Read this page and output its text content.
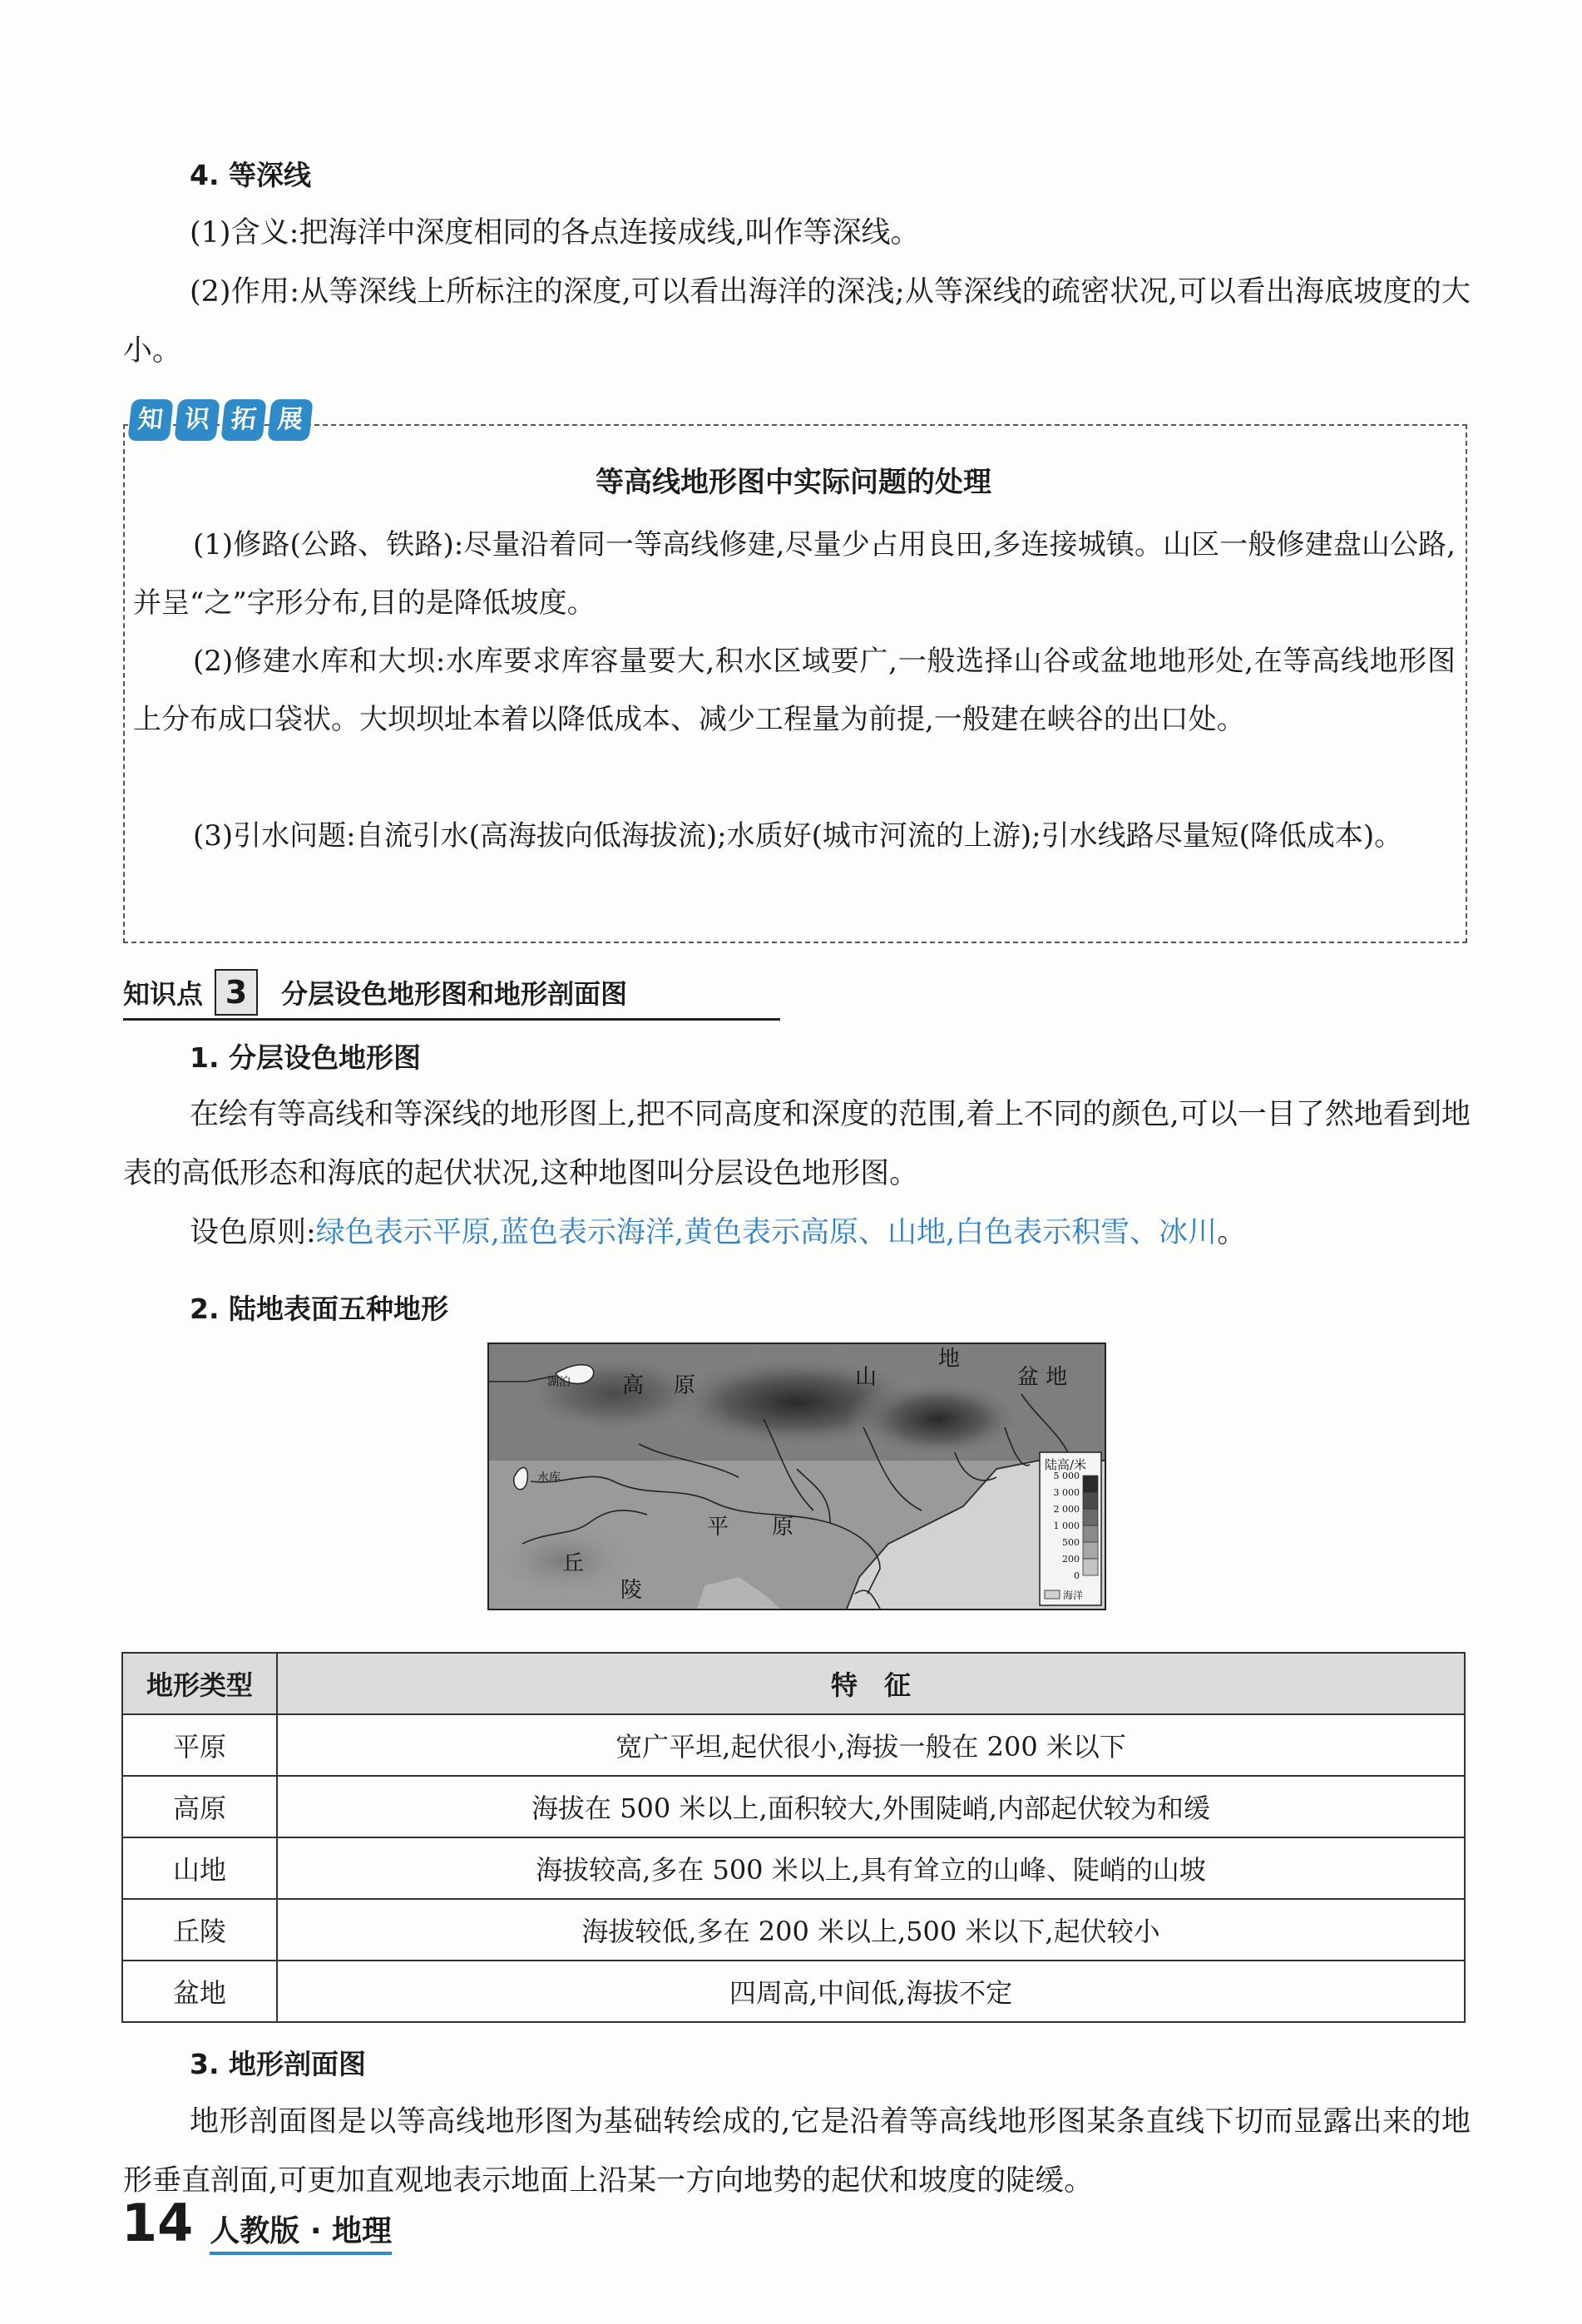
4. 等深线
(1)含义:把海洋中深度相同的各点连接成线,叫作等深线。
(2)作用:从等深线上所标注的深度,可以看出海洋的深浅;从等深线的疏密状况,可以看出海底坡度的大小。
知 识 拓 展
等高线地形图中实际问题的处理
(1)修路(公路、铁路):尽量沿着同一等高线修建,尽量少占用良田,多连接城镇。山区一般修建盘山公路,并呈“之”字形分布,目的是降低坡度。
(2)修建水库和大坝:水库要求库容量要大,积水区域要广,一般选择山谷或盆地地形处,在等高线地形图上分布成口袋状。大坝坝址本着以降低成本、减少工程量为前提,一般建在峡谷的出口处。
(3)引水问题:自流引水(高海拔向低海拔流);水质好(城市河流的上游);引水线路尽量短(降低成本)。
知识点 3	分层设色地形图和地形剖面图
1. 分层设色地形图
在绘有等高线和等深线的地形图上,把不同高度和深度的范围,着上不同的颜色,可以一目了然地看到地表的高低形态和海底的起伏状况,这种地图叫分层设色地形图。
设色原则:绿色表示平原,蓝色表示海洋,黄色表示高原、山地,白色表示积雪、冰川。
2. 陆地表面五种地形
湖泊 高 原	山
地
盆 地
水库
平 原
丘
陵
陆高/米
5 000
3 000
2 000
1 000
500
200
0
海洋
地形类型	特　征
平原	宽广平坦,起伏很小,海拔一般在 200 米以下
高原	海拔在 500 米以上,面积较大,外围陡峭,内部起伏较为和缓
山地	海拔较高,多在 500 米以上,具有耸立的山峰、陡峭的山坡
丘陵	海拔较低,多在 200 米以上,500 米以下,起伏较小
盆地	四周高,中间低,海拔不定
3. 地形剖面图
地形剖面图是以等高线地形图为基础转绘成的,它是沿着等高线地形图某条直线下切而显露出来的地形垂直剖面,可更加直观地表示地面上沿某一方向地势的起伏和坡度的陡缓。
14 人教版 · 地理
